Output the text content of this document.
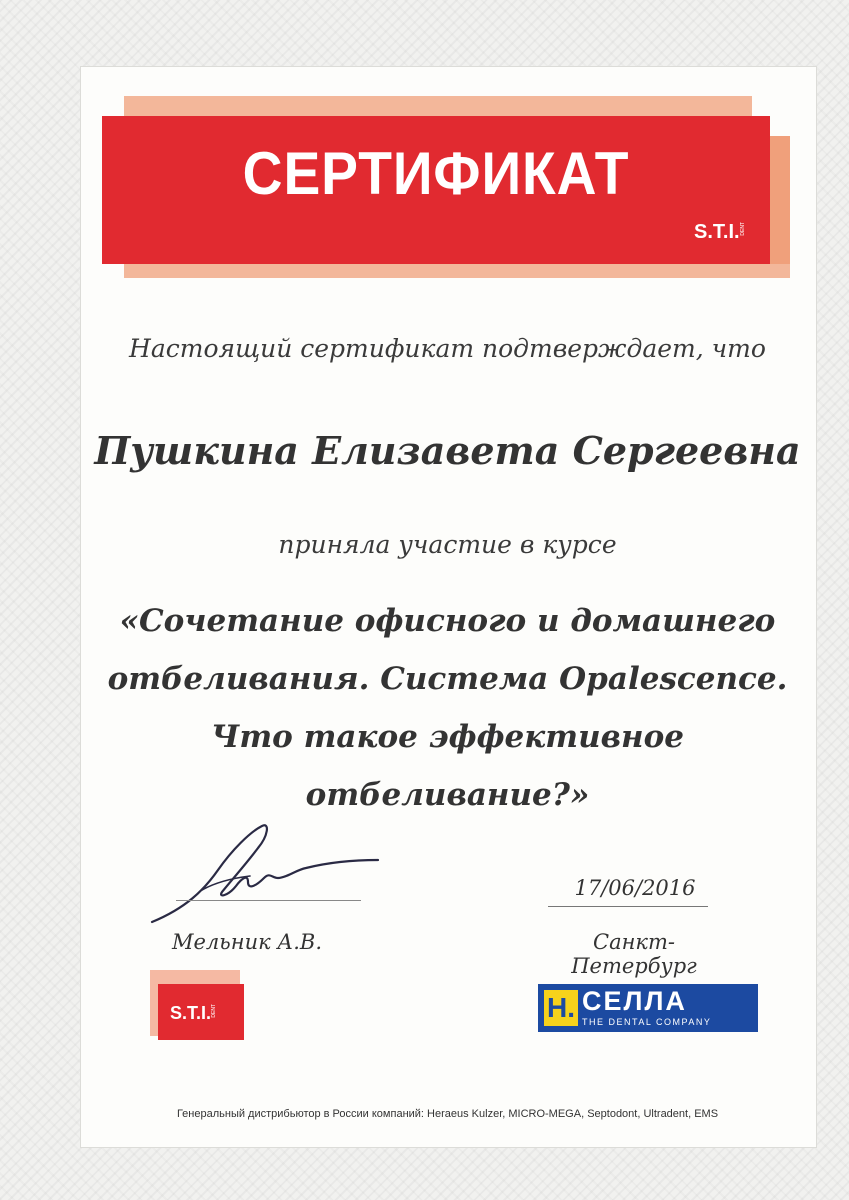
СЕРТИФИКАТ
S.T.I.DENT
Настоящий сертификат подтверждает, что
Пушкина Елизавета Сергеевна
приняла участие в курсе
«Сочетание офисного и домашнего
отбеливания. Система Opalescence.
Что такое эффективное отбеливание?»
Мельник А.В.
17/06/2016
Санкт-Петербург
S.T.I.DENT	Н. СЕЛЛА
THE DENTAL COMPANY
Генеральный дистрибьютор в России компаний: Heraeus Kulzer, MICRO-MEGA, Septodont, Ultradent, EMS
